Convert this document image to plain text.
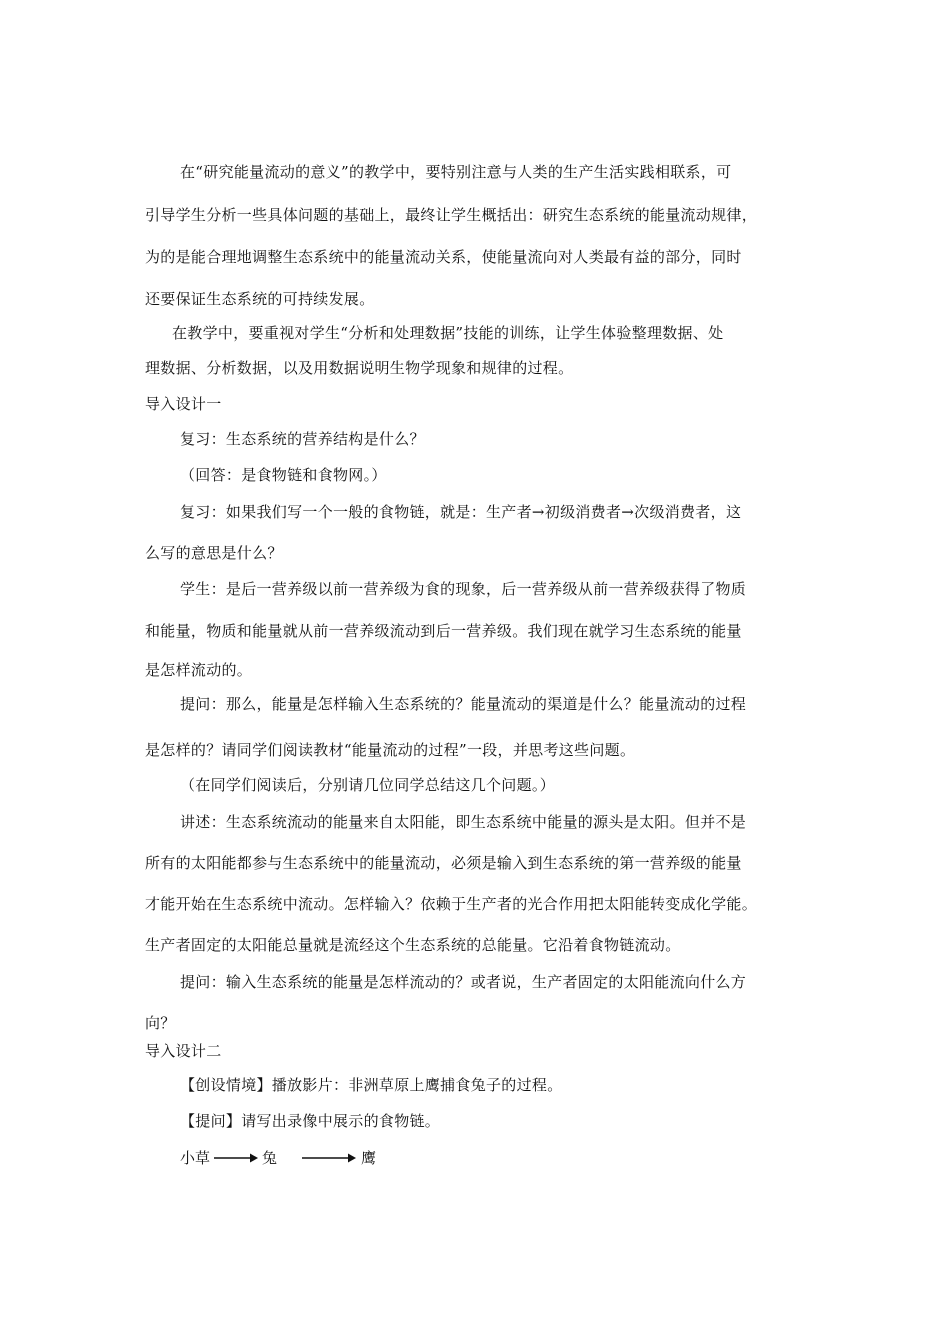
在“研究能量流动的意义”的教学中，要特别注意与人类的生产生活实践相联系，可
引导学生分析一些具体问题的基础上，最终让学生概括出：研究生态系统的能量流动规律，
为的是能合理地调整生态系统中的能量流动关系，使能量流向对人类最有益的部分，同时
还要保证生态系统的可持续发展。
在教学中，要重视对学生“分析和处理数据”技能的训练，让学生体验整理数据、处
理数据、分析数据，以及用数据说明生物学现象和规律的过程。
导入设计一
复习：生态系统的营养结构是什么？
（回答：是食物链和食物网。）
复习：如果我们写一个一般的食物链，就是：生产者→初级消费者→次级消费者，这
么写的意思是什么？
学生：是后一营养级以前一营养级为食的现象，后一营养级从前一营养级获得了物质
和能量，物质和能量就从前一营养级流动到后一营养级。我们现在就学习生态系统的能量
是怎样流动的。
提问：那么，能量是怎样输入生态系统的？能量流动的渠道是什么？能量流动的过程
是怎样的？请同学们阅读教材“能量流动的过程”一段，并思考这些问题。
（在同学们阅读后，分别请几位同学总结这几个问题。）
讲述：生态系统流动的能量来自太阳能，即生态系统中能量的源头是太阳。但并不是
所有的太阳能都参与生态系统中的能量流动，必须是输入到生态系统的第一营养级的能量
才能开始在生态系统中流动。怎样输入？依赖于生产者的光合作用把太阳能转变成化学能。
生产者固定的太阳能总量就是流经这个生态系统的总能量。它沿着食物链流动。
提问：输入生态系统的能量是怎样流动的？或者说，生产者固定的太阳能流向什么方
向？
导入设计二
【创设情境】播放影片：非洲草原上鹰捕食兔子的过程。
【提问】请写出录像中展示的食物链。
小草	兔	鹰
